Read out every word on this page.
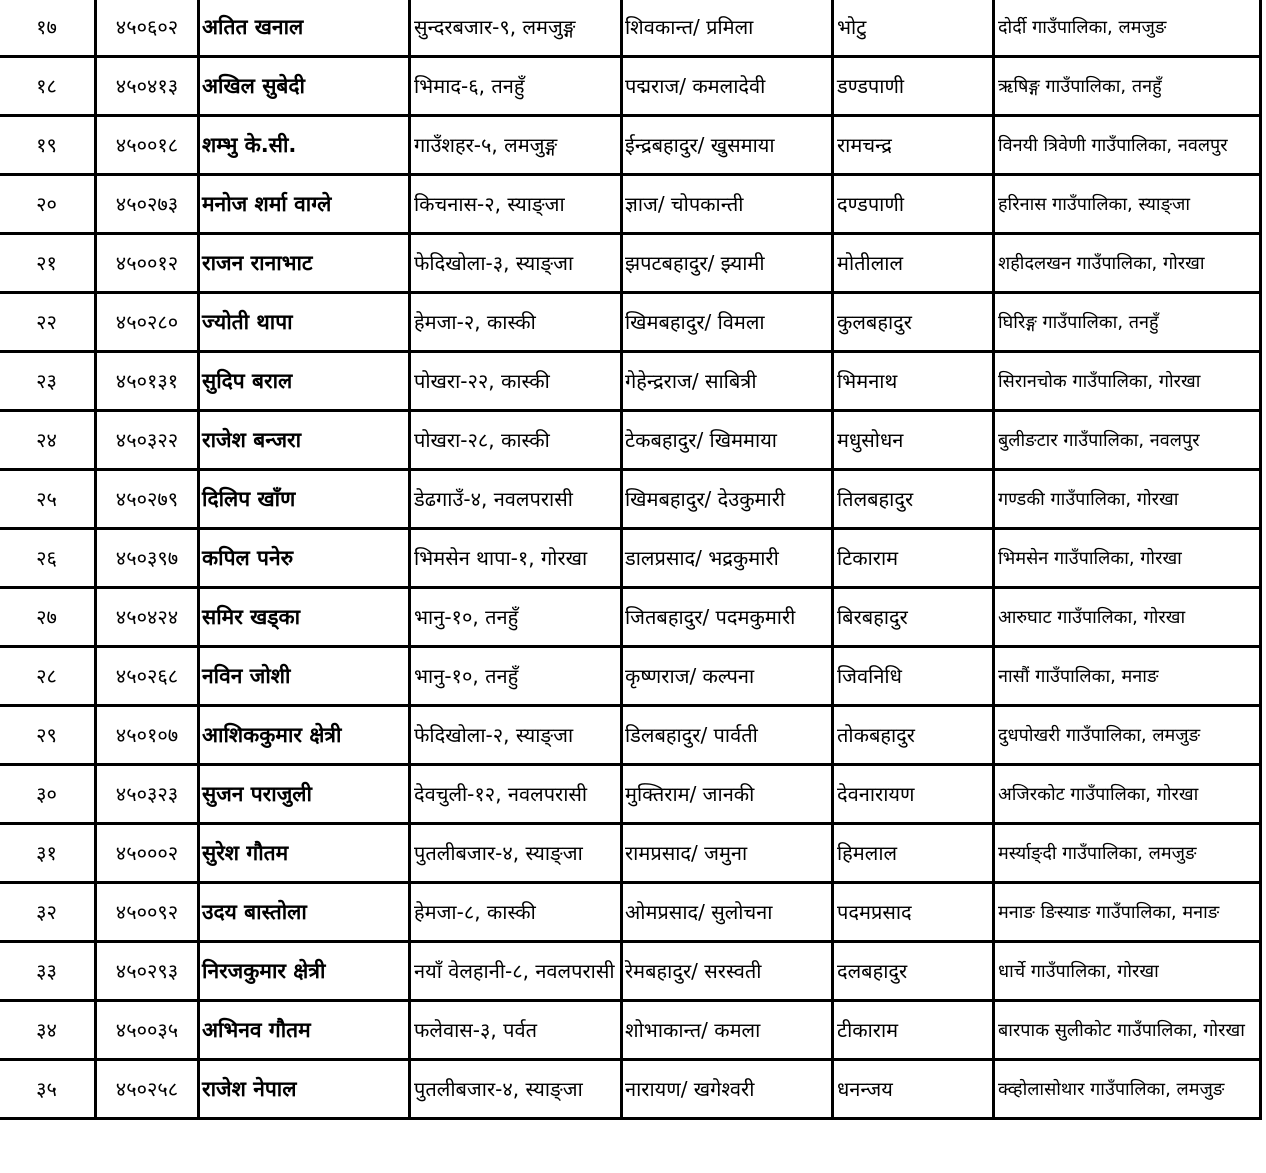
१७	४५०६०२	अतित खनाल	सुन्दरबजार-९, लमजुङ्ग	शिवकान्त/ प्रमिला	भोटु	दोर्दी गाउँपालिका, लमजुङ
१८	४५०४१३	अखिल सुबेदी	भिमाद-६, तनहुँ	पद्मराज/ कमलादेवी	डण्डपाणी	ऋषिङ्ग गाउँपालिका, तनहुँ
१९	४५००१८	शम्भु के.सी.	गाउँशहर-५, लमजुङ्ग	ईन्द्रबहादुर/ खुसमाया	रामचन्द्र	विनयी त्रिवेणी गाउँपालिका, नवलपुर
२०	४५०२७३	मनोज शर्मा वाग्ले	किचनास-२, स्याङ्जा	ज्ञाज/ चोपकान्ती	दण्डपाणी	हरिनास गाउँपालिका, स्याङ्जा
२१	४५००१२	राजन रानाभाट	फेदिखोला-३, स्याङ्जा	झपटबहादुर/ झ्यामी	मोतीलाल	शहीदलखन गाउँपालिका, गोरखा
२२	४५०२८०	ज्योती थापा	हेमजा-२, कास्की	खिमबहादुर/ विमला	कुलबहादुर	घिरिङ्ग गाउँपालिका, तनहुँ
२३	४५०१३१	सुदिप बराल	पोखरा-२२, कास्की	गेहेन्द्रराज/ साबित्री	भिमनाथ	सिरानचोक गाउँपालिका, गोरखा
२४	४५०३२२	राजेश बन्जरा	पोखरा-२८, कास्की	टेकबहादुर/ खिममाया	मधुसोधन	बुलीङटार गाउँपालिका, नवलपुर
२५	४५०२७९	दिलिप खाँण	डेढगाउँ-४, नवलपरासी	खिमबहादुर/ देउकुमारी	तिलबहादुर	गण्डकी गाउँपालिका, गोरखा
२६	४५०३९७	कपिल पनेरु	भिमसेन थापा-१, गोरखा	डालप्रसाद/ भद्रकुमारी	टिकाराम	भिमसेन गाउँपालिका, गोरखा
२७	४५०४२४	समिर खड्का	भानु-१०, तनहुँ	जितबहादुर/ पदमकुमारी	बिरबहादुर	आरुघाट गाउँपालिका, गोरखा
२८	४५०२६८	नविन जोशी	भानु-१०, तनहुँ	कृष्णराज/ कल्पना	जिवनिधि	नासौं गाउँपालिका, मनाङ
२९	४५०१०७	आशिककुमार क्षेत्री	फेदिखोला-२, स्याङ्जा	डिलबहादुर/ पार्वती	तोकबहादुर	दुधपोखरी गाउँपालिका, लमजुङ
३०	४५०३२३	सुजन पराजुली	देवचुली-१२, नवलपरासी	मुक्तिराम/ जानकी	देवनारायण	अजिरकोट गाउँपालिका, गोरखा
३१	४५०००२	सुरेश गौतम	पुतलीबजार-४, स्याङ्जा	रामप्रसाद/ जमुना	हिमलाल	मर्स्याङ्दी गाउँपालिका, लमजुङ
३२	४५००९२	उदय बास्तोला	हेमजा-८, कास्की	ओमप्रसाद/ सुलोचना	पदमप्रसाद	मनाङ ङिस्याङ गाउँपालिका, मनाङ
३३	४५०२९३	निरजकुमार क्षेत्री	नयाँ वेलहानी-८, नवलपरासी	रेमबहादुर/ सरस्वती	दलबहादुर	धार्चे गाउँपालिका, गोरखा
३४	४५००३५	अभिनव गौतम	फलेवास-३, पर्वत	शोभाकान्त/ कमला	टीकाराम	बारपाक सुलीकोट गाउँपालिका, गोरखा
३५	४५०२५८	राजेश नेपाल	पुतलीबजार-४, स्याङ्जा	नारायण/ खगेश्वरी	धनन्जय	क्व्होलासोथार गाउँपालिका, लमजुङ
